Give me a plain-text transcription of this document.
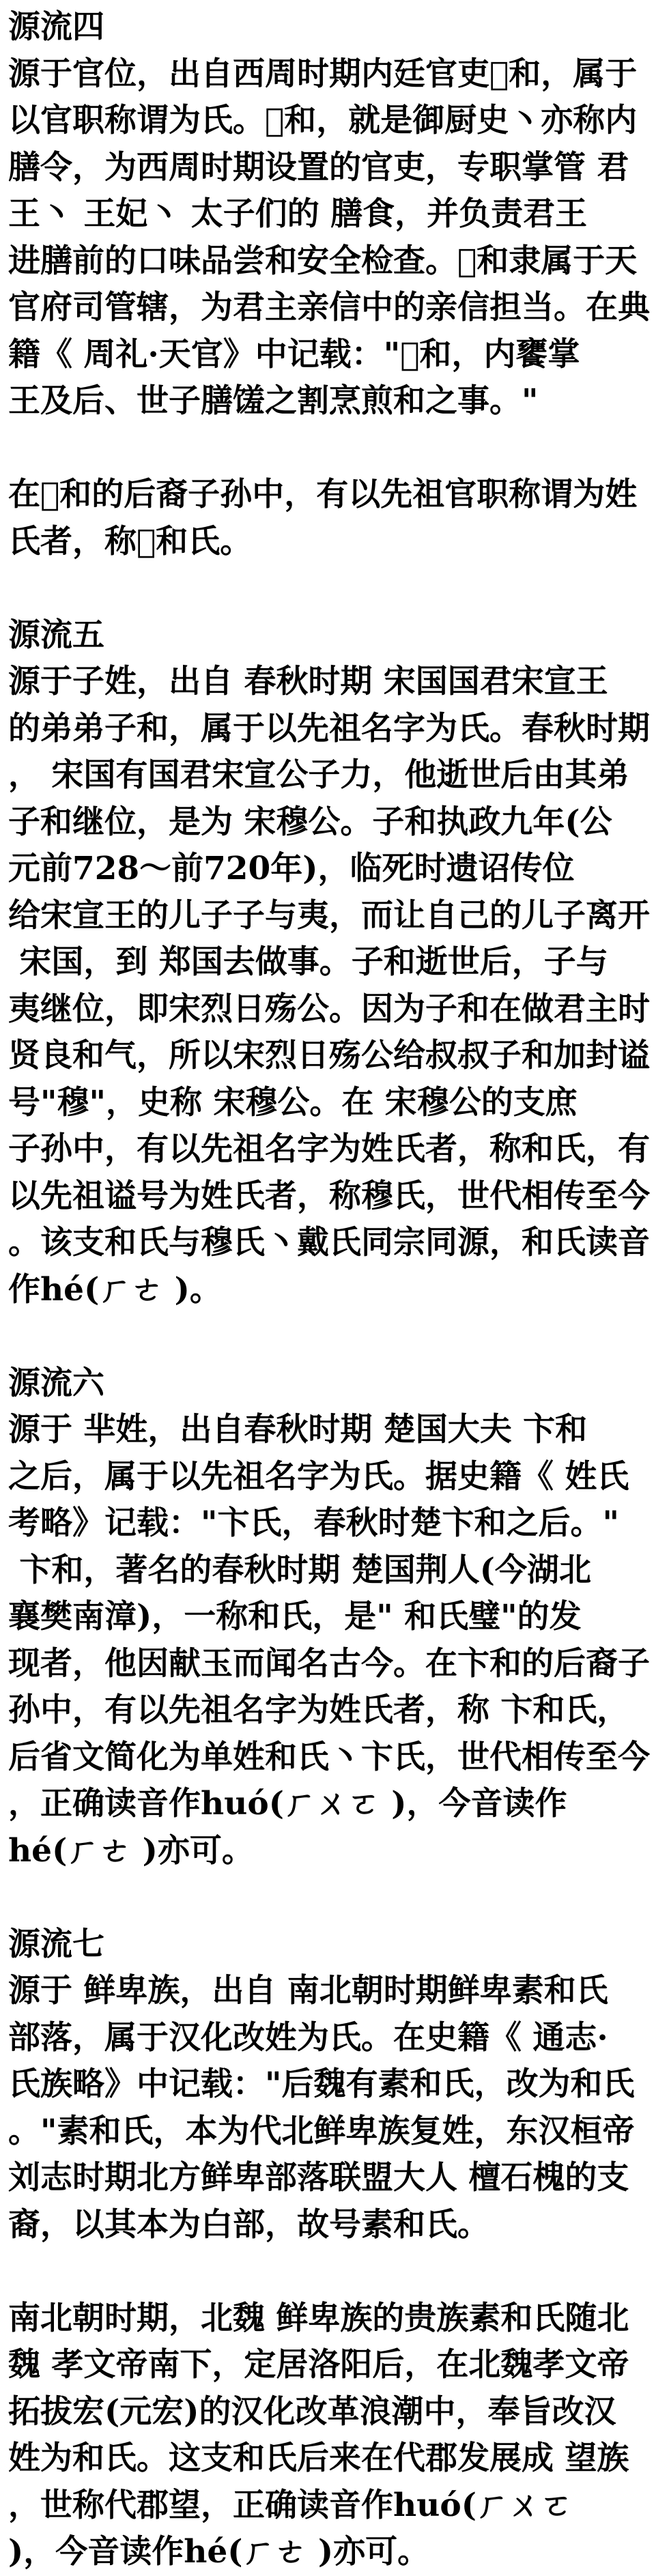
源流四
源于官位，出自西周时期内廷官吏𦋹和，属于
以官职称谓为氏。𦋹和，就是御厨史丶亦称内
膳令，为西周时期设置的官吏，专职掌管 君
王丶 王妃丶 太子们的 膳食，并负责君王
进膳前的口味品尝和安全检查。𦋹和隶属于天
官府司管辖，为君主亲信中的亲信担当。在典
籍《 周礼·天官》中记载："𦋹和，内饔掌
王及后、世子膳馐之割烹煎和之事。"
在𦋹和的后裔子孙中，有以先祖官职称谓为姓
氏者，称𦋹和氏。
源流五
源于子姓，出自 春秋时期 宋国国君宋宣王
的弟弟子和，属于以先祖名字为氏。春秋时期
， 宋国有国君宋宣公子力，他逝世后由其弟
子和继位，是为 宋穆公。子和执政九年(公
元前728～前720年)，临死时遗诏传位
给宋宣王的儿子子与夷，而让自己的儿子离开
宋国，到 郑国去做事。子和逝世后，子与
夷继位，即宋烈日殇公。因为子和在做君主时
贤良和气，所以宋烈日殇公给叔叔子和加封谥
号"穆"，史称 宋穆公。在 宋穆公的支庶
子孙中，有以先祖名字为姓氏者，称和氏，有
以先祖谥号为姓氏者，称穆氏，世代相传至今
。该支和氏与穆氏丶戴氏同宗同源，和氏读音
作hé(ㄏㄜ )。
源流六
源于 芈姓，出自春秋时期 楚国大夫 卞和
之后，属于以先祖名字为氏。据史籍《 姓氏
考略》记载："卞氏，春秋时楚卞和之后。"
卞和，著名的春秋时期 楚国荆人(今湖北
襄樊南漳)，一称和氏，是" 和氏璧"的发
现者，他因献玉而闻名古今。在卞和的后裔子
孙中，有以先祖名字为姓氏者，称 卞和氏，
后省文简化为单姓和氏丶卞氏，世代相传至今
，正确读音作huó(ㄏㄨㄛ )，今音读作
hé(ㄏㄜ )亦可。
源流七
源于 鲜卑族，出自 南北朝时期鲜卑素和氏
部落，属于汉化改姓为氏。在史籍《 通志·
氏族略》中记载："后魏有素和氏，改为和氏
。"素和氏，本为代北鲜卑族复姓，东汉桓帝
刘志时期北方鲜卑部落联盟大人 檀石槐的支
裔，以其本为白部，故号素和氏。
南北朝时期，北魏 鲜卑族的贵族素和氏随北
魏 孝文帝南下，定居洛阳后，在北魏孝文帝
拓拔宏(元宏)的汉化改革浪潮中，奉旨改汉
姓为和氏。这支和氏后来在代郡发展成 望族
，世称代郡望，正确读音作huó(ㄏㄨㄛ
)，今音读作hé(ㄏㄜ )亦可。
